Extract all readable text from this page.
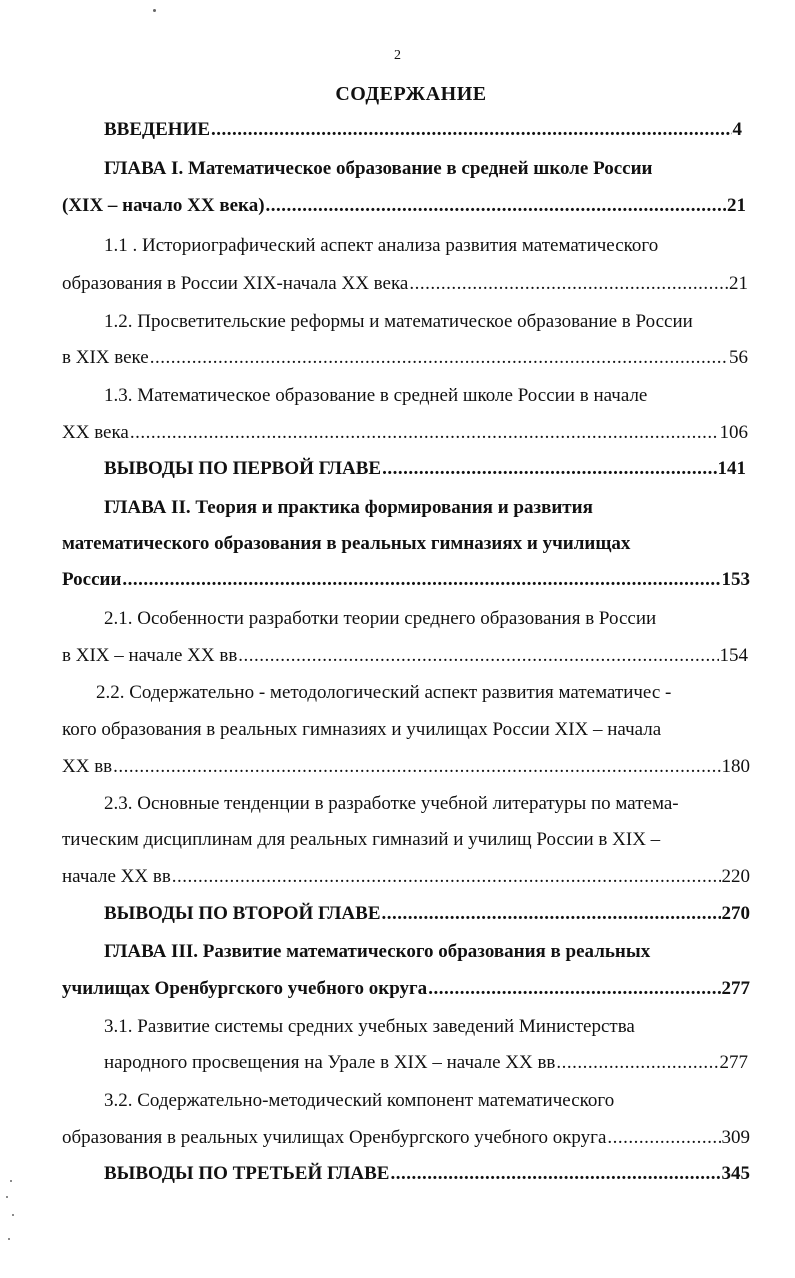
2
СОДЕРЖАНИЕ
ВВЕДЕНИЕ .....	4
ГЛАВА I. Математическое образование в средней школе России
(XIX – начало XX века) .....	21
1.1 . Историографический аспект анализа развития математического
образования в России XIX-начала XX века .....	21
1.2. Просветительские реформы и математическое образование в России
в XIX веке .....	56
1.3. Математическое образование в средней школе России в начале
XX века .....	106
ВЫВОДЫ ПО ПЕРВОЙ ГЛАВЕ .....	141
ГЛАВА II. Теория и практика формирования и развития
математического образования в реальных гимназиях и училищах
России .....	153
2.1. Особенности разработки теории среднего образования в России
в XIX – начале XX вв .....	154
2.2. Содержательно - методологический аспект развития математичес -
кого образования в реальных гимназиях и училищах России XIX – начала
XX вв .....	180
2.3. Основные тенденции в разработке учебной литературы по матема-
тическим дисциплинам для реальных гимназий и училищ России в XIX –
начале XX вв .....	220
ВЫВОДЫ ПО ВТОРОЙ ГЛАВЕ .....	270
ГЛАВА III. Развитие математического образования в реальных
училищах Оренбургского учебного округа .....	277
3.1. Развитие системы средних учебных заведений Министерства
народного просвещения на Урале в XIX – начале XX вв .....	277
3.2. Содержательно-методический компонент математического
образования в реальных училищах Оренбургского учебного округа .....	309
ВЫВОДЫ ПО ТРЕТЬЕЙ ГЛАВЕ .....	345
